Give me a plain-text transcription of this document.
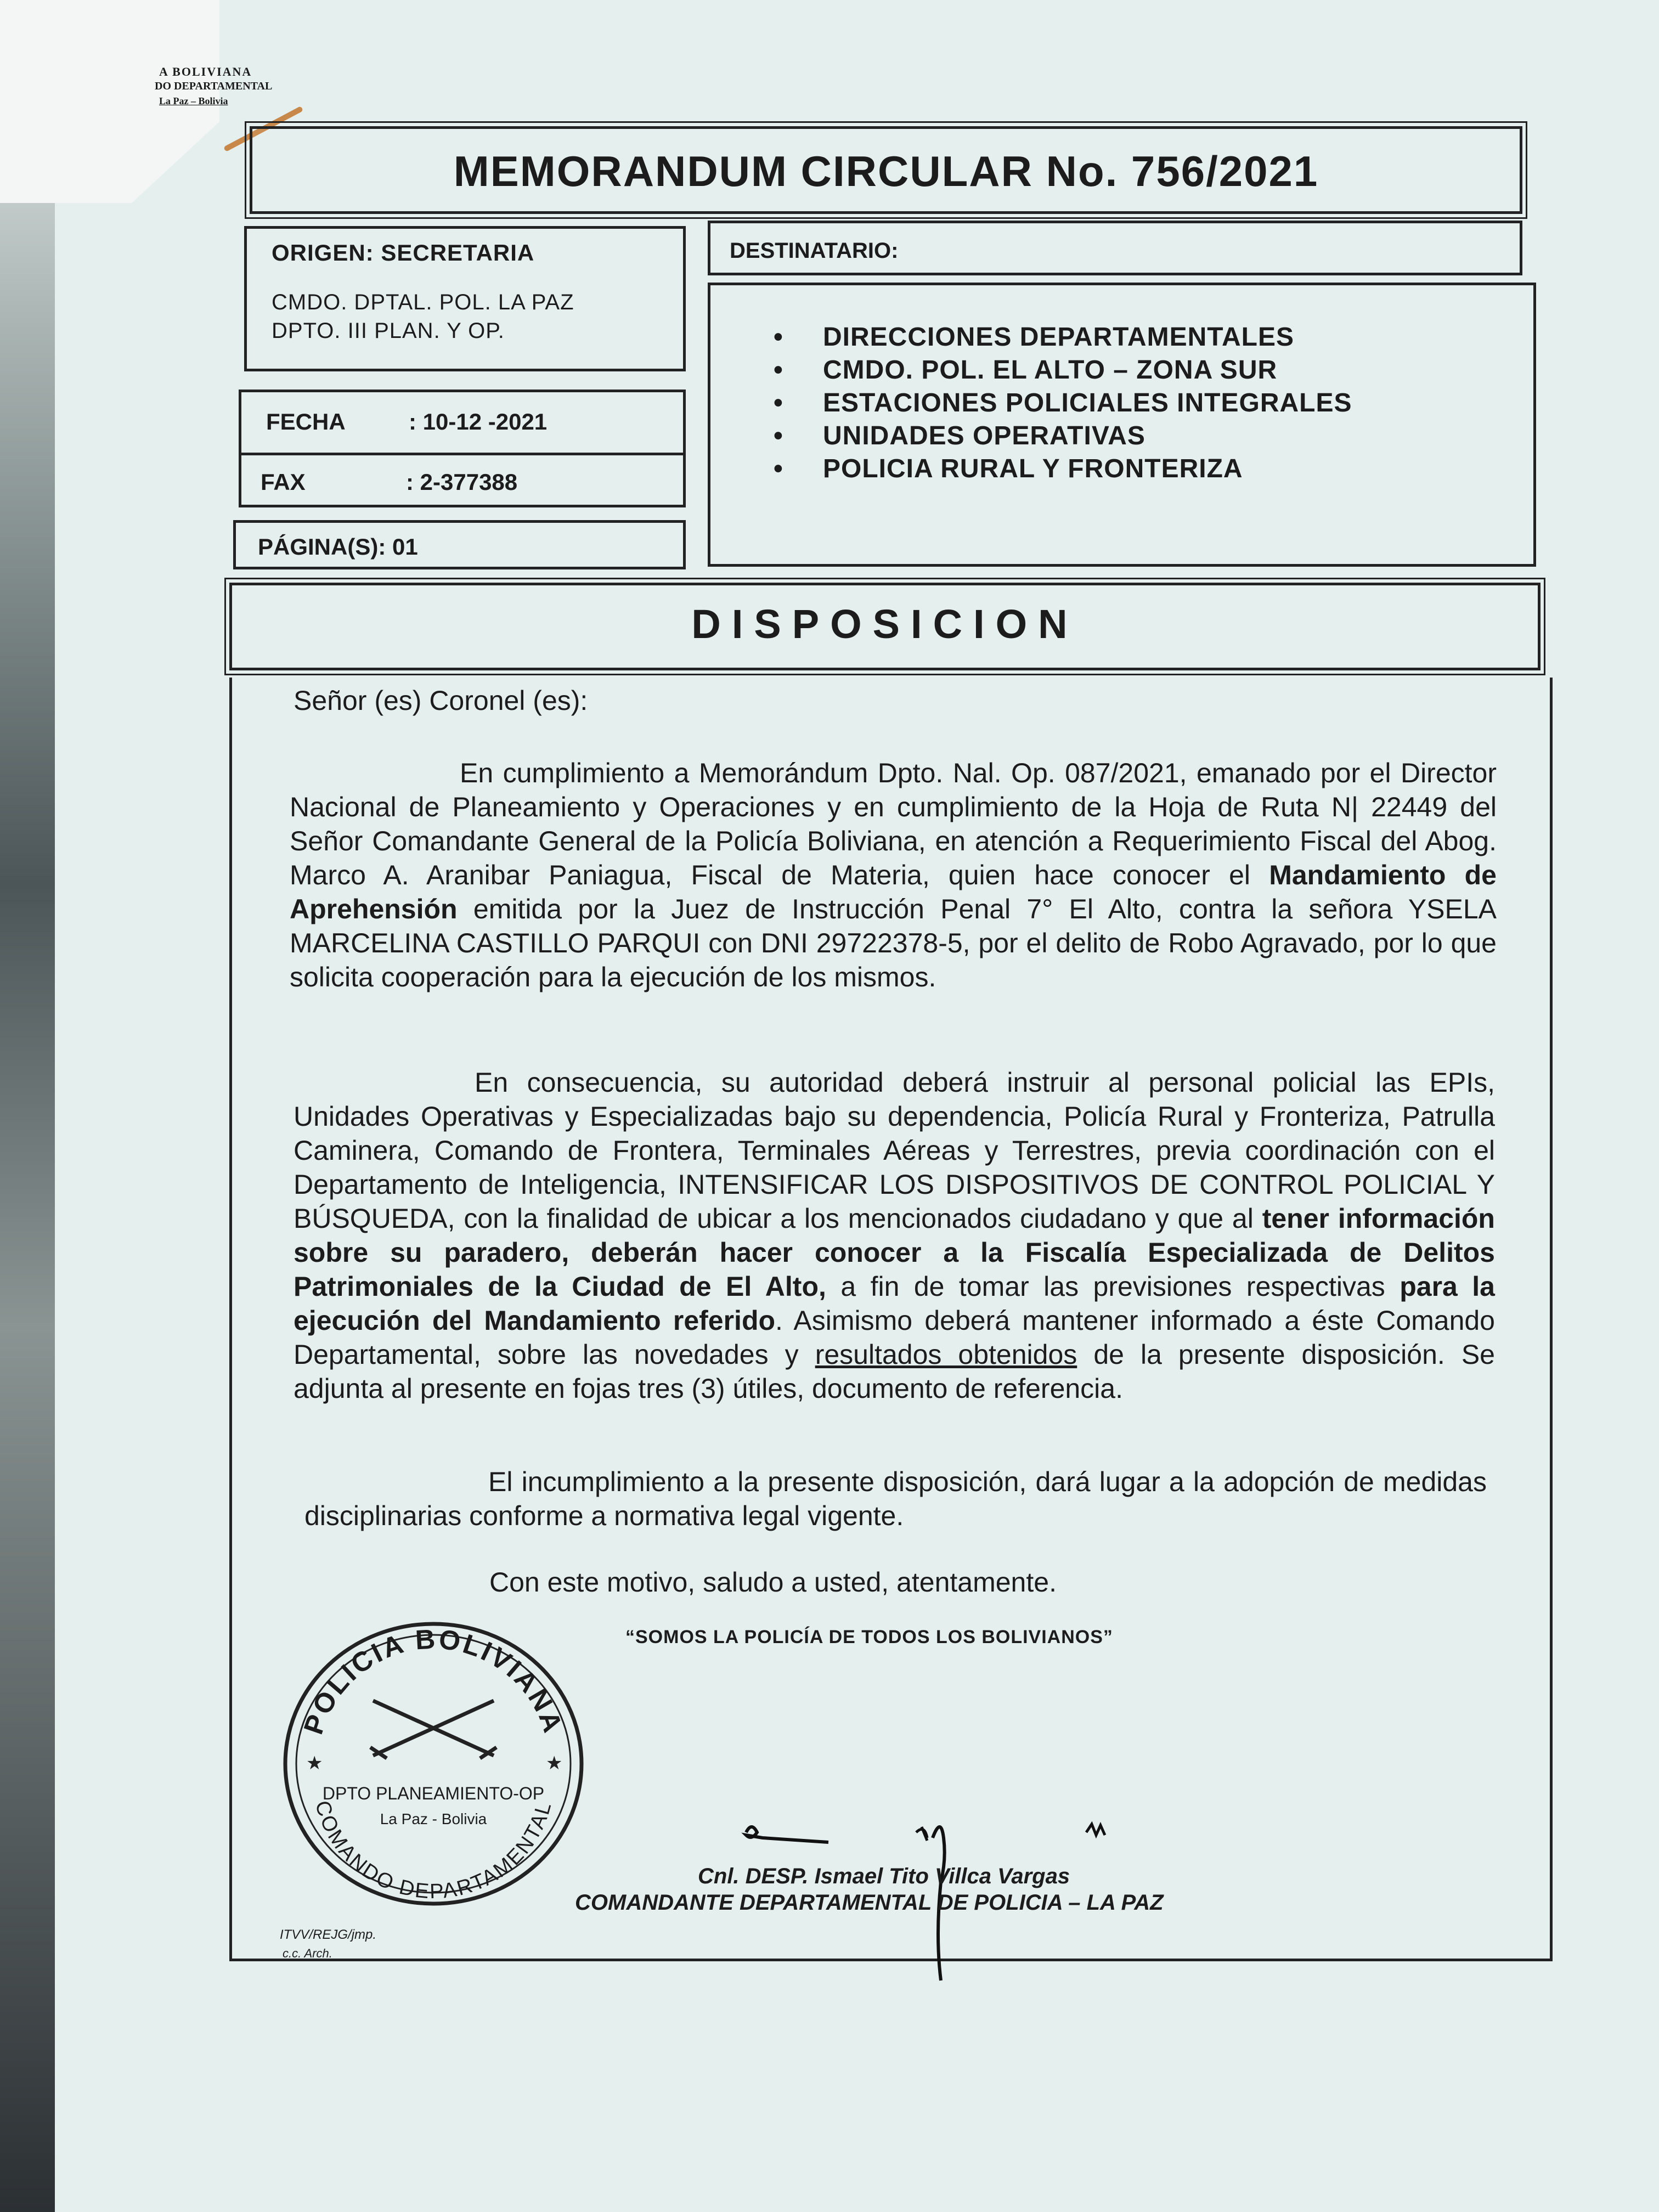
A BOLIVIANA
DO DEPARTAMENTAL
La Paz – Bolivia
MEMORANDUM CIRCULAR No. 756/2021
ORIGEN: SECRETARIA
CMDO. DPTAL. POL. LA PAZ
DPTO. III PLAN. Y OP.
FECHA	: 10-12 -2021
FAX	: 2-377388
PÁGINA(S): 01
DESTINATARIO:
• DIRECCIONES DEPARTAMENTALES
• CMDO. POL. EL ALTO – ZONA SUR
• ESTACIONES POLICIALES INTEGRALES
• UNIDADES OPERATIVAS
• POLICIA RURAL Y FRONTERIZA
DISPOSICION
Señor (es) Coronel (es):

En cumplimiento a Memorándum Dpto. Nal. Op. 087/2021, emanado por el Director Nacional de Planeamiento y Operaciones y en cumplimiento de la Hoja de Ruta N| 22449 del Señor Comandante General de la Policía Boliviana, en atención a Requerimiento Fiscal del Abog. Marco A. Aranibar Paniagua, Fiscal de Materia, quien hace conocer el Mandamiento de Aprehensión emitida por la Juez de Instrucción Penal 7° El Alto, contra la señora YSELA MARCELINA CASTILLO PARQUI con DNI 29722378-5, por el delito de Robo Agravado, por lo que solicita cooperación para la ejecución de los mismos.

En consecuencia, su autoridad deberá instruir al personal policial las EPIs, Unidades Operativas y Especializadas bajo su dependencia, Policía Rural y Fronteriza, Patrulla Caminera, Comando de Frontera, Terminales Aéreas y Terrestres, previa coordinación con el Departamento de Inteligencia, INTENSIFICAR LOS DISPOSITIVOS DE CONTROL POLICIAL Y BÚSQUEDA, con la finalidad de ubicar a los mencionados ciudadano y que al tener información sobre su paradero, deberán hacer conocer a la Fiscalía Especializada de Delitos Patrimoniales de la Ciudad de El Alto, a fin de tomar las previsiones respectivas para la ejecución del Mandamiento referido. Asimismo deberá mantener informado a éste Comando Departamental, sobre las novedades y resultados obtenidos de la presente disposición. Se adjunta al presente en fojas tres (3) útiles, documento de referencia.

El incumplimiento a la presente disposición, dará lugar a la adopción de medidas disciplinarias conforme a normativa legal vigente.

Con este motivo, saludo a usted, atentamente.
“SOMOS LA POLICÍA DE TODOS LOS BOLIVIANOS”
POLICIA BOLIVIANA
COMANDO DEPARTAMENTAL
★	★
DPTO PLANEAMIENTO-OP
La Paz - Bolivia
Cnl. DESP. Ismael Tito Villca Vargas
COMANDANTE DEPARTAMENTAL DE POLICIA – LA PAZ
ITVV/REJG/jmp.
c.c. Arch.
